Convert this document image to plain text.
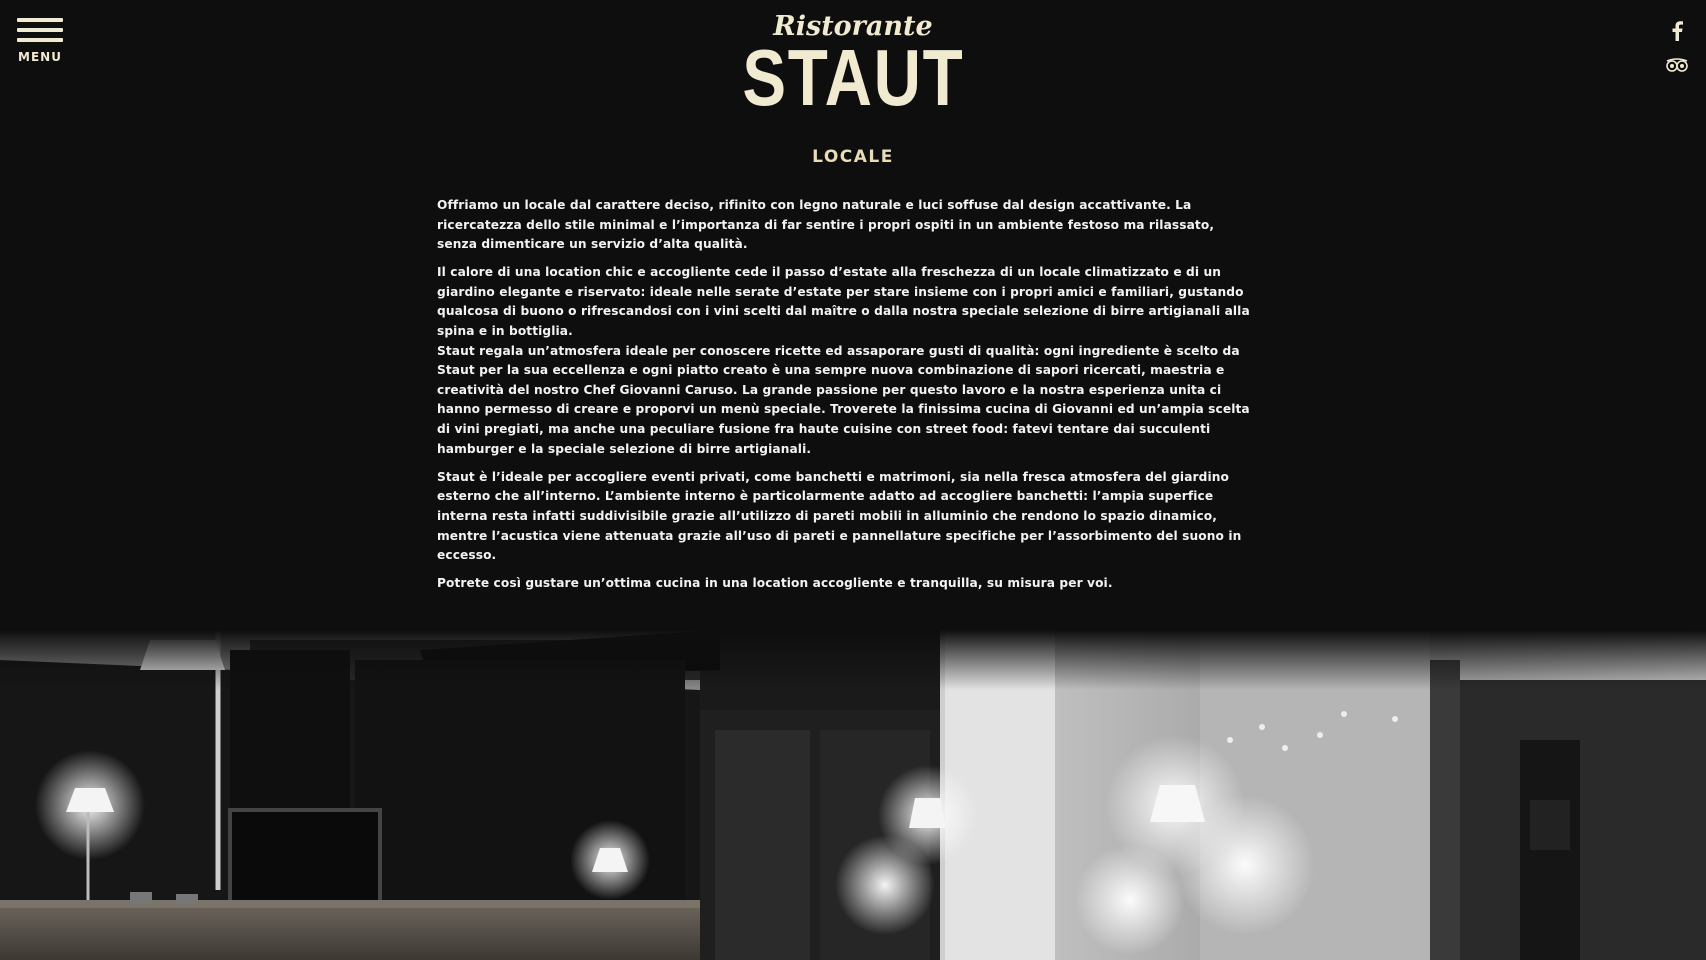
MENU
Ristorante
STAUT
LOCALE

Offriamo un locale dal carattere deciso, rifinito con legno naturale e luci soffuse dal design accattivante. La ricercatezza dello stile minimal e l’importanza di far sentire i propri ospiti in un ambiente festoso ma rilassato, senza dimenticare un servizio d’alta qualità.

Il calore di una location chic e accogliente cede il passo d’estate alla freschezza di un locale climatizzato e di un giardino elegante e riservato: ideale nelle serate d’estate per stare insieme con i propri amici e familiari, gustando qualcosa di buono o rifrescandosi con i vini scelti dal maître o dalla nostra speciale selezione di birre artigianali alla spina e in bottiglia.

Staut regala un’atmosfera ideale per conoscere ricette ed assaporare gusti di qualità: ogni ingrediente è scelto da Staut per la sua eccellenza e ogni piatto creato è una sempre nuova combinazione di sapori ricercati, maestria e creatività del nostro Chef Giovanni Caruso. La grande passione per questo lavoro e la nostra esperienza unita ci hanno permesso di creare e proporvi un menù speciale. Troverete la finissima cucina di Giovanni ed un’ampia scelta di vini pregiati, ma anche una peculiare fusione fra haute cuisine con street food: fatevi tentare dai succulenti hamburger e la speciale selezione di birre artigianali.

Staut è l’ideale per accogliere eventi privati, come banchetti e matrimoni, sia nella fresca atmosfera del giardino esterno che all’interno. L’ambiente interno è particolarmente adatto ad accogliere banchetti: l’ampia superfice interna resta infatti suddivisibile grazie all’utilizzo di pareti mobili in alluminio che rendono lo spazio dinamico, mentre l’acustica viene attenuata grazie all’uso di pareti e pannellature specifiche per l’assorbimento del suono in eccesso.

Potrete così gustare un’ottima cucina in una location accogliente e tranquilla, su misura per voi.
